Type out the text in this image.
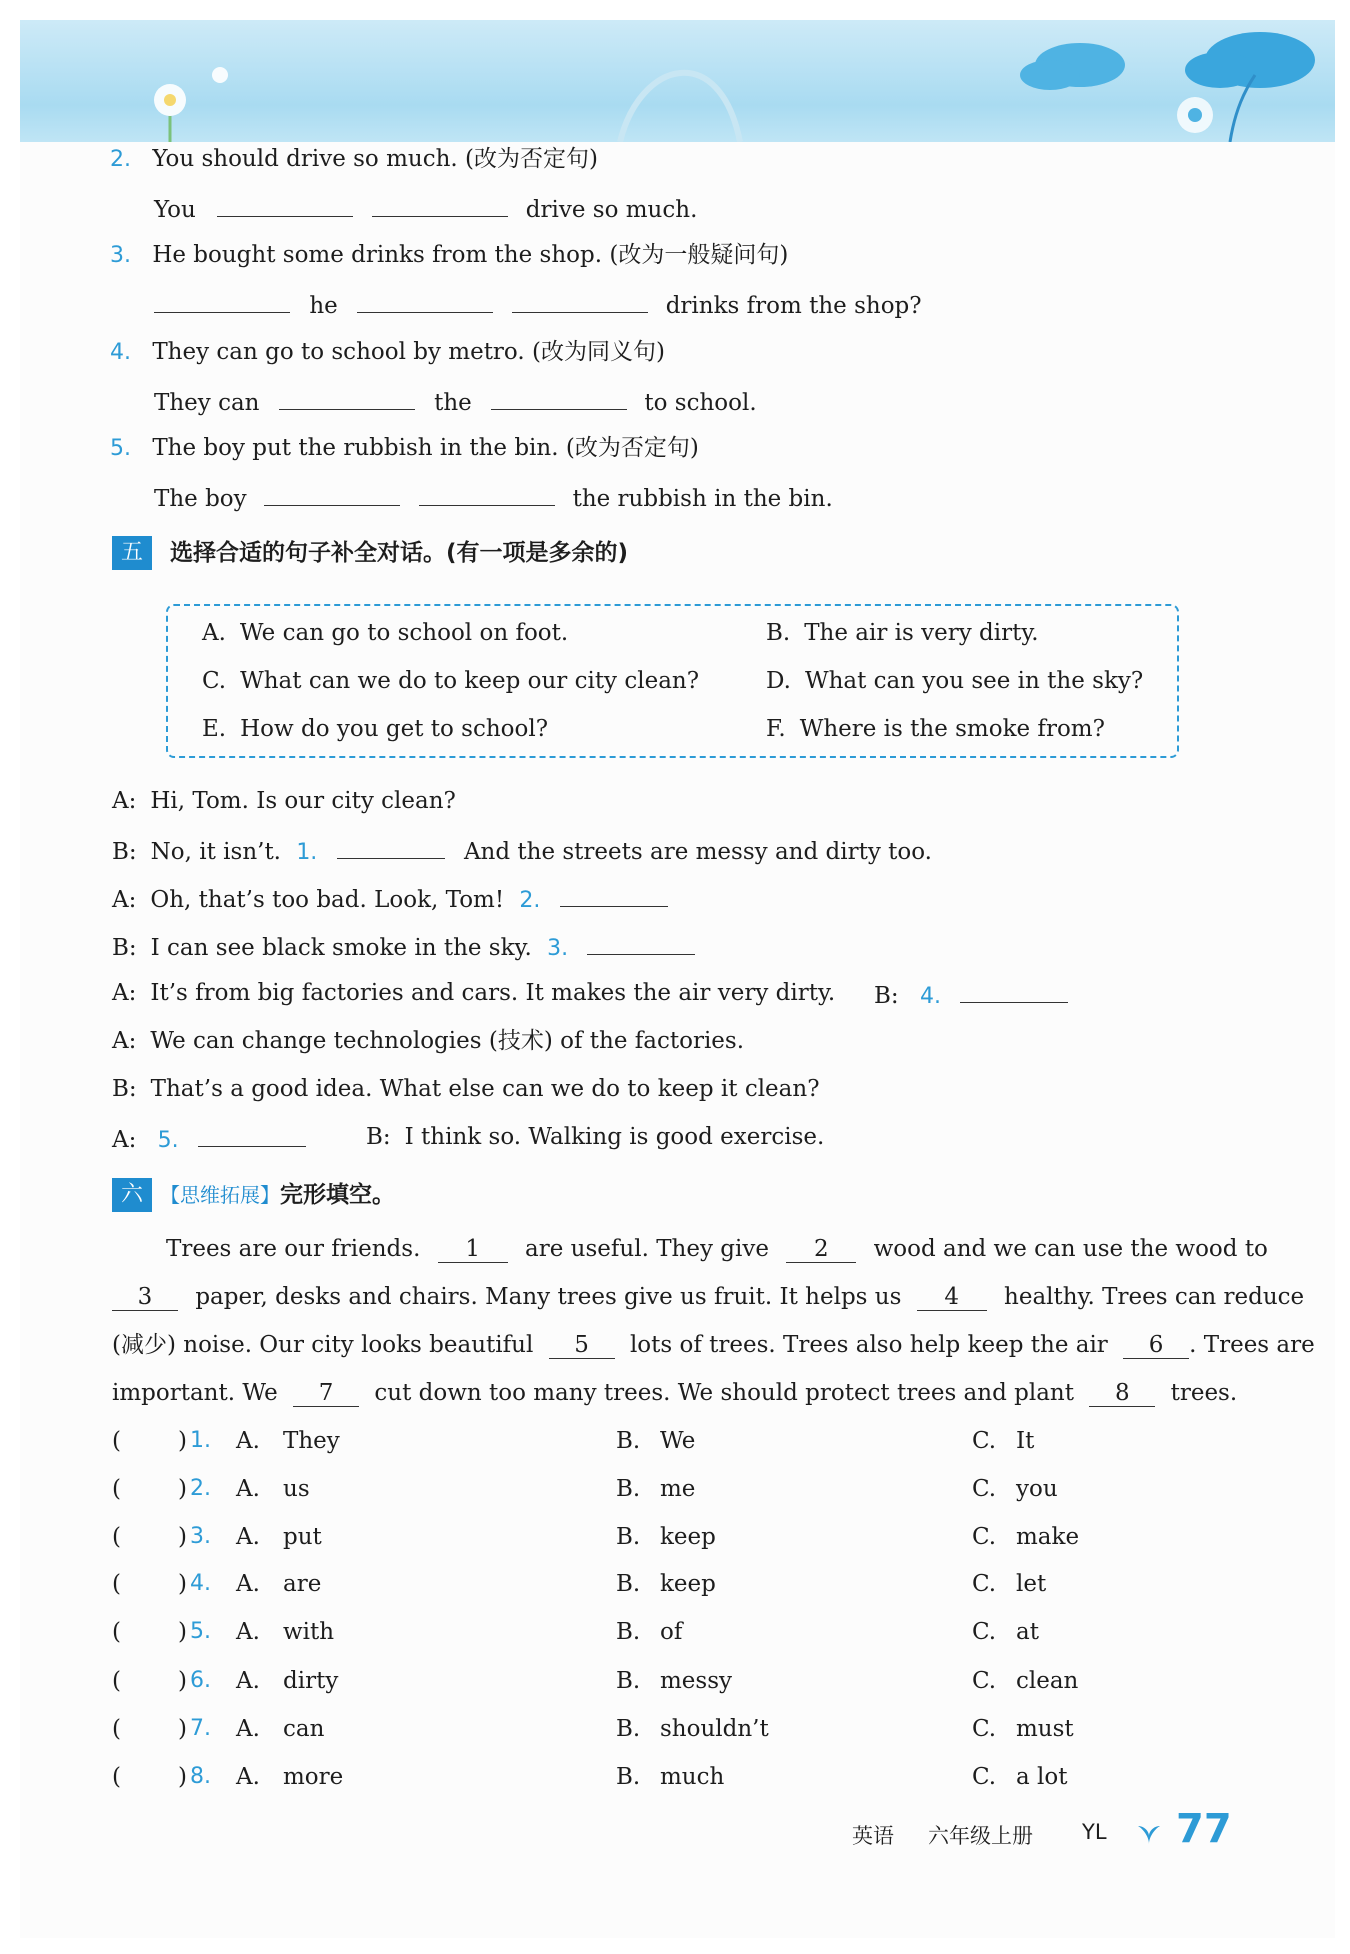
2. You should drive so much. (改为否定句)
You	drive so much.
3. He bought some drinks from the shop. (改为一般疑问句)
he	drinks from the shop?
4. They can go to school by metro. (改为同义句)
They can	the	to school.
5. The boy put the rubbish in the bin. (改为否定句)
The boy	the rubbish in the bin.
五	选择合适的句子补全对话。(有一项是多余的)
A. We can go to school on foot.	B. The air is very dirty.
C. What can we do to keep our city clean?	D. What can you see in the sky?
E. How do you get to school?	F. Where is the smoke from?
A: Hi, Tom. Is our city clean?
B: No, it isn’t. 1.	And the streets are messy and dirty too.
A: Oh, that’s too bad. Look, Tom! 2.
B: I can see black smoke in the sky. 3.
A: It’s from big factories and cars. It makes the air very dirty. B: 4.
A: We can change technologies (技术) of the factories.
B: That’s a good idea. What else can we do to keep it clean?
A: 5.	B: I think so. Walking is good exercise.
六 【思维拓展】完形填空。
Trees are our friends. 1 are useful. They give 2 wood and we can use the wood to
3 paper, desks and chairs. Many trees give us fruit. It helps us 4 healthy. Trees can reduce
(减少) noise. Our city looks beautiful 5 lots of trees. Trees also help keep the air 6 . Trees are
important. We 7 cut down too many trees. We should protect trees and plant 8 trees.
( ) 1. A. They	B. We	C. It
( ) 2. A. us	B. me	C. you
( ) 3. A. put	B. keep	C. make
( ) 4. A. are	B. keep	C. let
( ) 5. A. with	B. of	C. at
( ) 6. A. dirty	B. messy	C. clean
( ) 7. A. can	B. shouldn’t	C. must
( ) 8. A. more	B. much	C. a lot
英语 六年级上册 YL 77
